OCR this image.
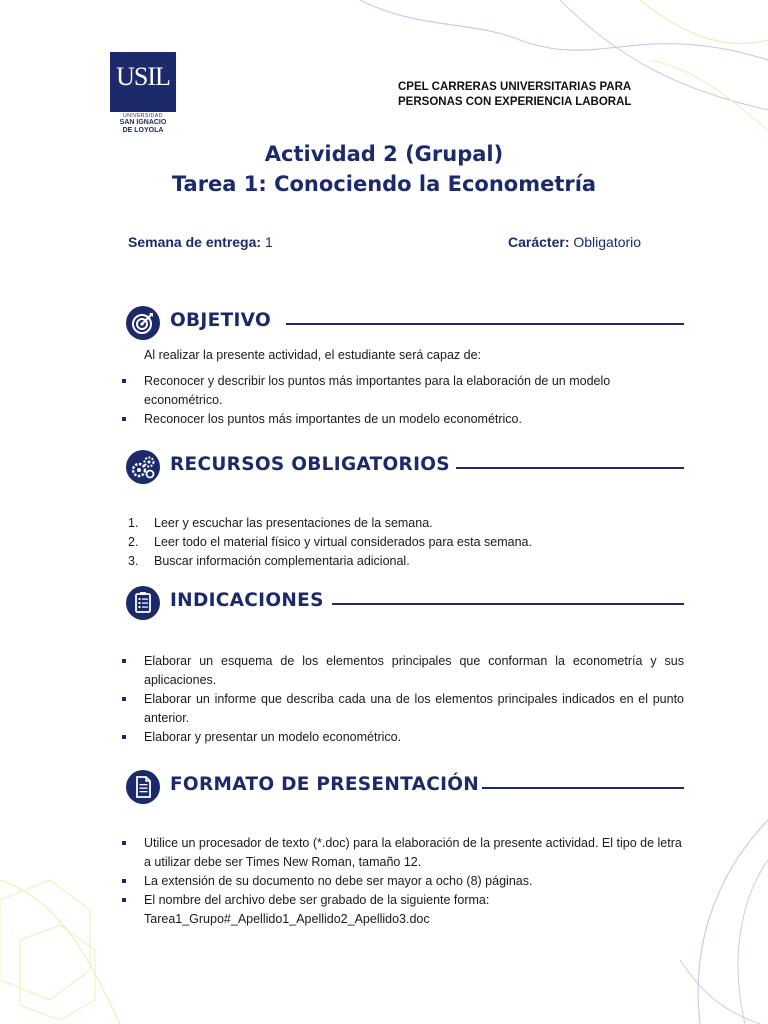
USIL
UNIVERSIDAD
SAN IGNACIO
DE LOYOLA
CPEL CARRERAS UNIVERSITARIAS PARA
PERSONAS CON EXPERIENCIA LABORAL
Actividad 2 (Grupal)
Tarea 1: Conociendo la Econometría
Semana de entrega: 1	Carácter: Obligatorio
OBJETIVO
Al realizar la presente actividad, el estudiante será capaz de:
Reconocer y describir los puntos más importantes para la elaboración de un modelo econométrico.
Reconocer los puntos más importantes de un modelo econométrico.
RECURSOS OBLIGATORIOS
1. Leer y escuchar las presentaciones de la semana.
2. Leer todo el material físico y virtual considerados para esta semana.
3. Buscar información complementaria adicional.
INDICACIONES
Elaborar un esquema de los elementos principales que conforman la econometría y sus aplicaciones.
Elaborar un informe que describa cada una de los elementos principales indicados en el punto anterior.
Elaborar y presentar un modelo econométrico.
FORMATO DE PRESENTACIÓN
Utilice un procesador de texto (*.doc) para la elaboración de la presente actividad. El tipo de letra a utilizar debe ser Times New Roman, tamaño 12.
La extensión de su documento no debe ser mayor a ocho (8) páginas.
El nombre del archivo debe ser grabado de la siguiente forma: Tarea1_Grupo#_Apellido1_Apellido2_Apellido3.doc
